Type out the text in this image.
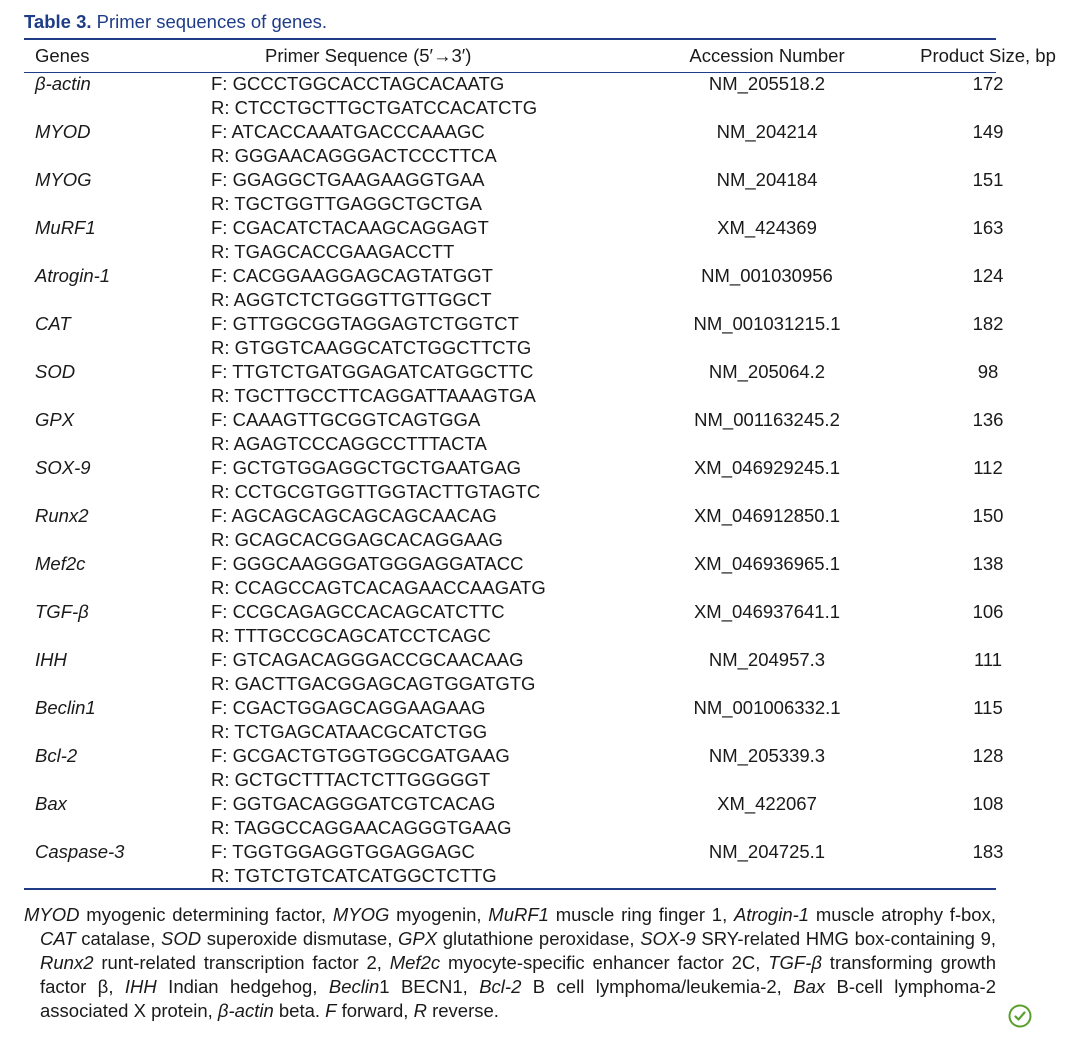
Table 3. Primer sequences of genes.
Genes	Primer Sequence (5′→3′)	Accession Number	Product Size, bp
β-actin	F: GCCCTGGCACCTAGCACAATG	NM_205518.2	172
	R: CTCCTGCTTGCTGATCCACATCTG		
MYOD	F: ATCACCAAATGACCCAAAGC	NM_204214	149
	R: GGGAACAGGGACTCCCTTCA		
MYOG	F: GGAGGCTGAAGAAGGTGAA	NM_204184	151
	R: TGCTGGTTGAGGCTGCTGA		
MuRF1	F: CGACATCTACAAGCAGGAGT	XM_424369	163
	R: TGAGCACCGAAGACCTT		
Atrogin-1	F: CACGGAAGGAGCAGTATGGT	NM_001030956	124
	R: AGGTCTCTGGGTTGTTGGCT		
CAT	F: GTTGGCGGTAGGAGTCTGGTCT	NM_001031215.1	182
	R: GTGGTCAAGGCATCTGGCTTCTG		
SOD	F: TTGTCTGATGGAGATCATGGCTTC	NM_205064.2	98
	R: TGCTTGCCTTCAGGATTAAAGTGA		
GPX	F: CAAAGTTGCGGTCAGTGGA	NM_001163245.2	136
	R: AGAGTCCCAGGCCTTTACTA		
SOX-9	F: GCTGTGGAGGCTGCTGAATGAG	XM_046929245.1	112
	R: CCTGCGTGGTTGGTACTTGTAGTC		
Runx2	F: AGCAGCAGCAGCAGCAACAG	XM_046912850.1	150
	R: GCAGCACGGAGCACAGGAAG		
Mef2c	F: GGGCAAGGGATGGGAGGATACC	XM_046936965.1	138
	R: CCAGCCAGTCACAGAACCAAGATG		
TGF-β	F: CCGCAGAGCCACAGCATCTTC	XM_046937641.1	106
	R: TTTGCCGCAGCATCCTCAGC		
IHH	F: GTCAGACAGGGACCGCAACAAG	NM_204957.3	111
	R: GACTTGACGGAGCAGTGGATGTG		
Beclin1	F: CGACTGGAGCAGGAAGAAG	NM_001006332.1	115
	R: TCTGAGCATAACGCATCTGG		
Bcl-2	F: GCGACTGTGGTGGCGATGAAG	NM_205339.3	128
	R: GCTGCTTTACTCTTGGGGGT		
Bax	F: GGTGACAGGGATCGTCACAG	XM_422067	108
	R: TAGGCCAGGAACAGGGTGAAG		
Caspase-3	F: TGGTGGAGGTGGAGGAGC	NM_204725.1	183
	R: TGTCTGTCATCATGGCTCTTG		

MYOD myogenic determining factor, MYOG myogenin, MuRF1 muscle ring finger 1, Atrogin-1 muscle atrophy f-box, CAT catalase, SOD superoxide dismutase, GPX glutathione peroxidase, SOX-9 SRY-related HMG box-containing 9, Runx2 runt-related transcription factor 2, Mef2c myocyte-specific enhancer factor 2C, TGF-β transforming growth factor β, IHH Indian hedgehog, Beclin1 BECN1, Bcl-2 B cell lymphoma/leukemia-2, Bax B-cell lymphoma-2 associated X protein, β-actin beta. F forward, R reverse.
